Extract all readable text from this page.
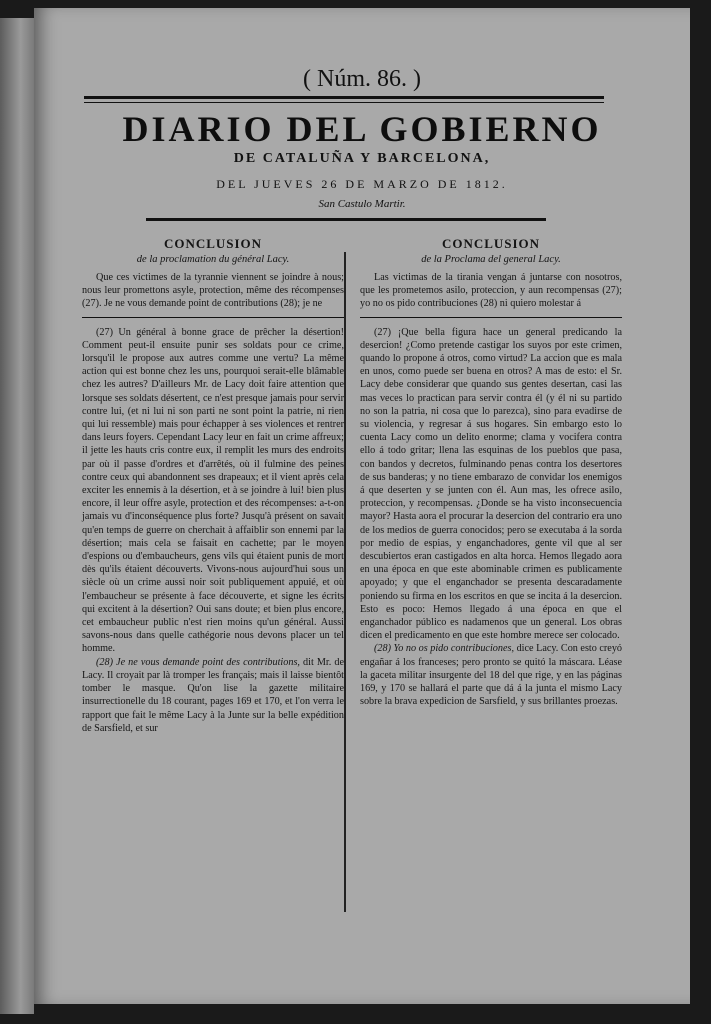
( Núm. 86. )
DIARIO DEL GOBIERNO
DE CATALUÑA Y BARCELONA,
DEL JUEVES 26 DE MARZO DE 1812.
San Castulo Martir.
CONCLUSION
de la proclamation du général Lacy.

Que ces victimes de la tyrannie viennent se joindre à nous; nous leur promettons asyle, protection, même des récompenses (27). Je ne vous demande point de contributions (28); je ne

(27) Un général à bonne grace de prêcher la désertion! Comment peut-il ensuite punir ses soldats pour ce crime, lorsqu'il le propose aux autres comme une vertu? La même action qui est bonne chez les uns, pourquoi serait-elle blâmable chez les autres? D'ailleurs Mr. de Lacy doit faire attention que lorsque ses soldats désertent, ce n'est presque jamais pour servir contre lui, (et ni lui ni son parti ne sont point la patrie, ni rien qui lui ressemble) mais pour échapper à ses violences et rentrer dans leurs foyers. Cependant Lacy leur en fait un crime affreux; il jette les hauts cris contre eux, il remplit les murs des endroits par où il passe d'ordres et d'arrêtés, où il fulmine des peines contre ceux qui abandonnent ses drapeaux; et il vient après cela exciter les ennemis à la désertion, et à se joindre à lui! bien plus encore, il leur offre asyle, protection et des récompenses: a-t-on jamais vu d'inconséquence plus forte? Jusqu'à présent on savait qu'en temps de guerre on cherchait à affaiblir son ennemi par la désertion; mais cela se faisait en cachette; par le moyen d'espions ou d'embaucheurs, gens vils qui étaient punis de mort dès qu'ils étaient découverts. Vivons-nous aujourd'hui sous un siècle où un crime aussi noir soit publiquement appuié, et où l'embaucheur se présente à face découverte, et signe les écrits qui excitent à la désertion? Oui sans doute; et bien plus encore, cet embaucheur public n'est rien moins qu'un général. Aussi savons-nous dans quelle cathégorie nous devons placer un tel homme.

(28) Je ne vous demande point des contributions, dit Mr. de Lacy. Il croyait par là tromper les français; mais il laisse bientôt tomber le masque. Qu'on lise la gazette militaire insurrectionelle du 18 courant, pages 169 et 170, et l'on verra le rapport que fait le même Lacy à la Junte sur la belle expédition de Sarsfield, et sur

CONCLUSION
de la Proclama del general Lacy.

Las victimas de la tirania vengan á juntarse con nosotros, que les prometemos asilo, proteccion, y aun recompensas (27); yo no os pido contribuciones (28) ni quiero molestar á

(27) ¡Que bella figura hace un general predicando la desercion! ¿Como pretende castigar los suyos por este crimen, quando lo propone á otros, como virtud? La accion que es mala en unos, como puede ser buena en otros? A mas de esto: el Sr. Lacy debe considerar que quando sus gentes desertan, casi las mas veces lo practican para servir contra él (y él ni su partido no son la patria, ni cosa que lo parezca), sino para evadirse de su violencia, y regresar á sus hogares. Sin embargo esto lo cuenta Lacy como un delito enorme; clama y vocifera contra ello á todo gritar; llena las esquinas de los pueblos que pasa, con bandos y decretos, fulminando penas contra los desertores de sus banderas; y no tiene embarazo de convidar los enemigos á que deserten y se junten con él. Aun mas, les ofrece asilo, proteccion, y recompensas. ¿Donde se ha visto inconsecuencia mayor? Hasta aora el procurar la desercion del contrario era uno de los medios de guerra conocidos; pero se executaba á la sorda por medio de espias, y enganchadores, gente vil que al ser descubiertos eran castigados en alta horca. Hemos llegado aora en una época en que este abominable crimen es publicamente apoyado; y que el enganchador se presenta descaradamente poniendo su firma en los escritos en que se incita á la desercion. Esto es poco: Hemos llegado á una época en que el enganchador público es nadamenos que un general. Los obras dicen el predicamento en que este hombre merece ser colocado.

(28) Yo no os pido contribuciones, dice Lacy. Con esto creyó engañar á los franceses; pero pronto se quitó la máscara. Léase la gaceta militar insurgente del 18 del que rige, y en las páginas 169, y 170 se hallará el parte que dá á la junta el mismo Lacy sobre la brava expedicion de Sarsfield, y sus brillantes proezas.
